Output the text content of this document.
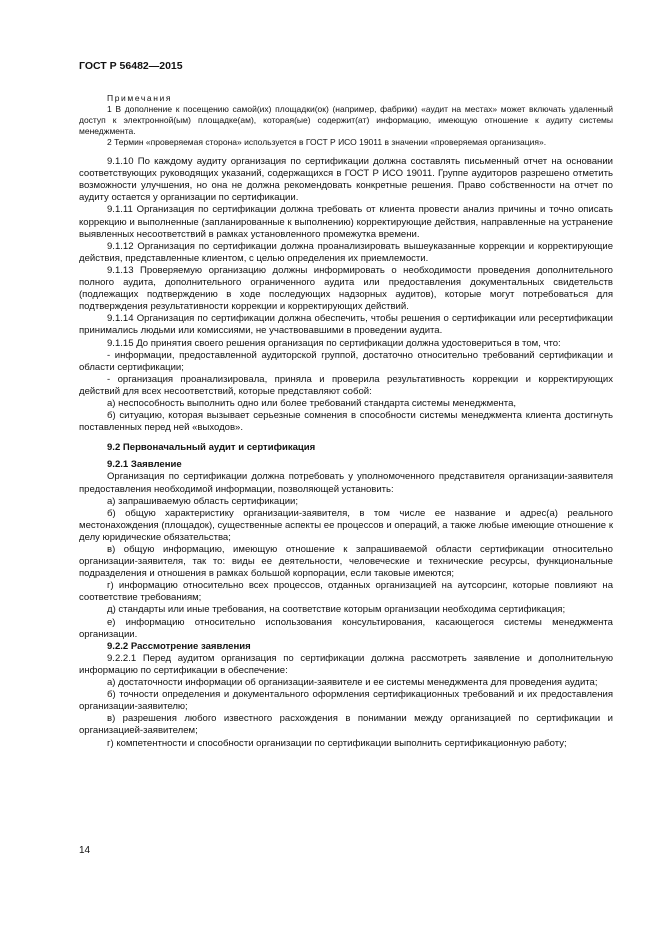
ГОСТ Р 56482—2015

Примечания

1 В дополнение к посещению самой(их) площадки(ок) (например, фабрики) «аудит на местах» может включать удаленный доступ к электронной(ым) площадке(ам), которая(ые) содержит(ат) информацию, имеющую отношение к аудиту системы менеджмента.

2 Термин «проверяемая сторона» используется в ГОСТ Р ИСО 19011 в значении «проверяемая организация».

9.1.10 По каждому аудиту организация по сертификации должна составлять письменный отчет на основании соответствующих руководящих указаний, содержащихся в ГОСТ Р ИСО 19011. Группе аудиторов разрешено отметить возможности улучшения, но она не должна рекомендовать конкретные решения. Право собственности на отчет по аудиту остается у организации по сертификации.

9.1.11 Организация по сертификации должна требовать от клиента провести анализ причины и точно описать коррекцию и выполненные (запланированные к выполнению) корректирующие действия, направленные на устранение выявленных несоответствий в рамках установленного промежутка времени.

9.1.12 Организация по сертификации должна проанализировать вышеуказанные коррекции и корректирующие действия, представленные клиентом, с целью определения их приемлемости.

9.1.13 Проверяемую организацию должны информировать о необходимости проведения дополнительного полного аудита, дополнительного ограниченного аудита или предоставления документальных свидетельств (подлежащих подтверждению в ходе последующих надзорных аудитов), которые могут потребоваться для подтверждения результативности коррекции и корректирующих действий.

9.1.14 Организация по сертификации должна обеспечить, чтобы решения о сертификации или ресертификации принимались людьми или комиссиями, не участвовавшими в проведении аудита.

9.1.15 До принятия своего решения организация по сертификации должна удостовериться в том, что:

- информации, предоставленной аудиторской группой, достаточно относительно требований сертификации и области сертификации;

- организация проанализировала, приняла и проверила результативность коррекции и корректирующих действий для всех несоответствий, которые представляют собой:

а) неспособность выполнить одно или более требований стандарта системы менеджмента,

б) ситуацию, которая вызывает серьезные сомнения в способности системы менеджмента клиента достигнуть поставленных перед ней «выходов».

9.2 Первоначальный аудит и сертификация

9.2.1 Заявление

Организация по сертификации должна потребовать у уполномоченного представителя организации-заявителя предоставления необходимой информации, позволяющей установить:

а) запрашиваемую область сертификации;

б) общую характеристику организации-заявителя, в том числе ее название и адрес(а) реального местонахождения (площадок), существенные аспекты ее процессов и операций, а также любые имеющие отношение к делу юридические обязательства;

в) общую информацию, имеющую отношение к запрашиваемой области сертификации относительно организации-заявителя, так то: виды ее деятельности, человеческие и технические ресурсы, функциональные подразделения и отношения в рамках большой корпорации, если таковые имеются;

г) информацию относительно всех процессов, отданных организацией на аутсорсинг, которые повлияют на соответствие требованиям;

д) стандарты или иные требования, на соответствие которым организации необходима сертификация;

е) информацию относительно использования консультирования, касающегося системы менеджмента организации.

9.2.2 Рассмотрение заявления

9.2.2.1 Перед аудитом организация по сертификации должна рассмотреть заявление и дополнительную информацию по сертификации в обеспечение:

а) достаточности информации об организации-заявителе и ее системы менеджмента для проведения аудита;

б) точности определения и документального оформления сертификационных требований и их предоставления организации-заявителю;

в) разрешения любого известного расхождения в понимании между организацией по сертификации и организацией-заявителем;

г) компетентности и способности организации по сертификации выполнить сертификационную работу;

14
